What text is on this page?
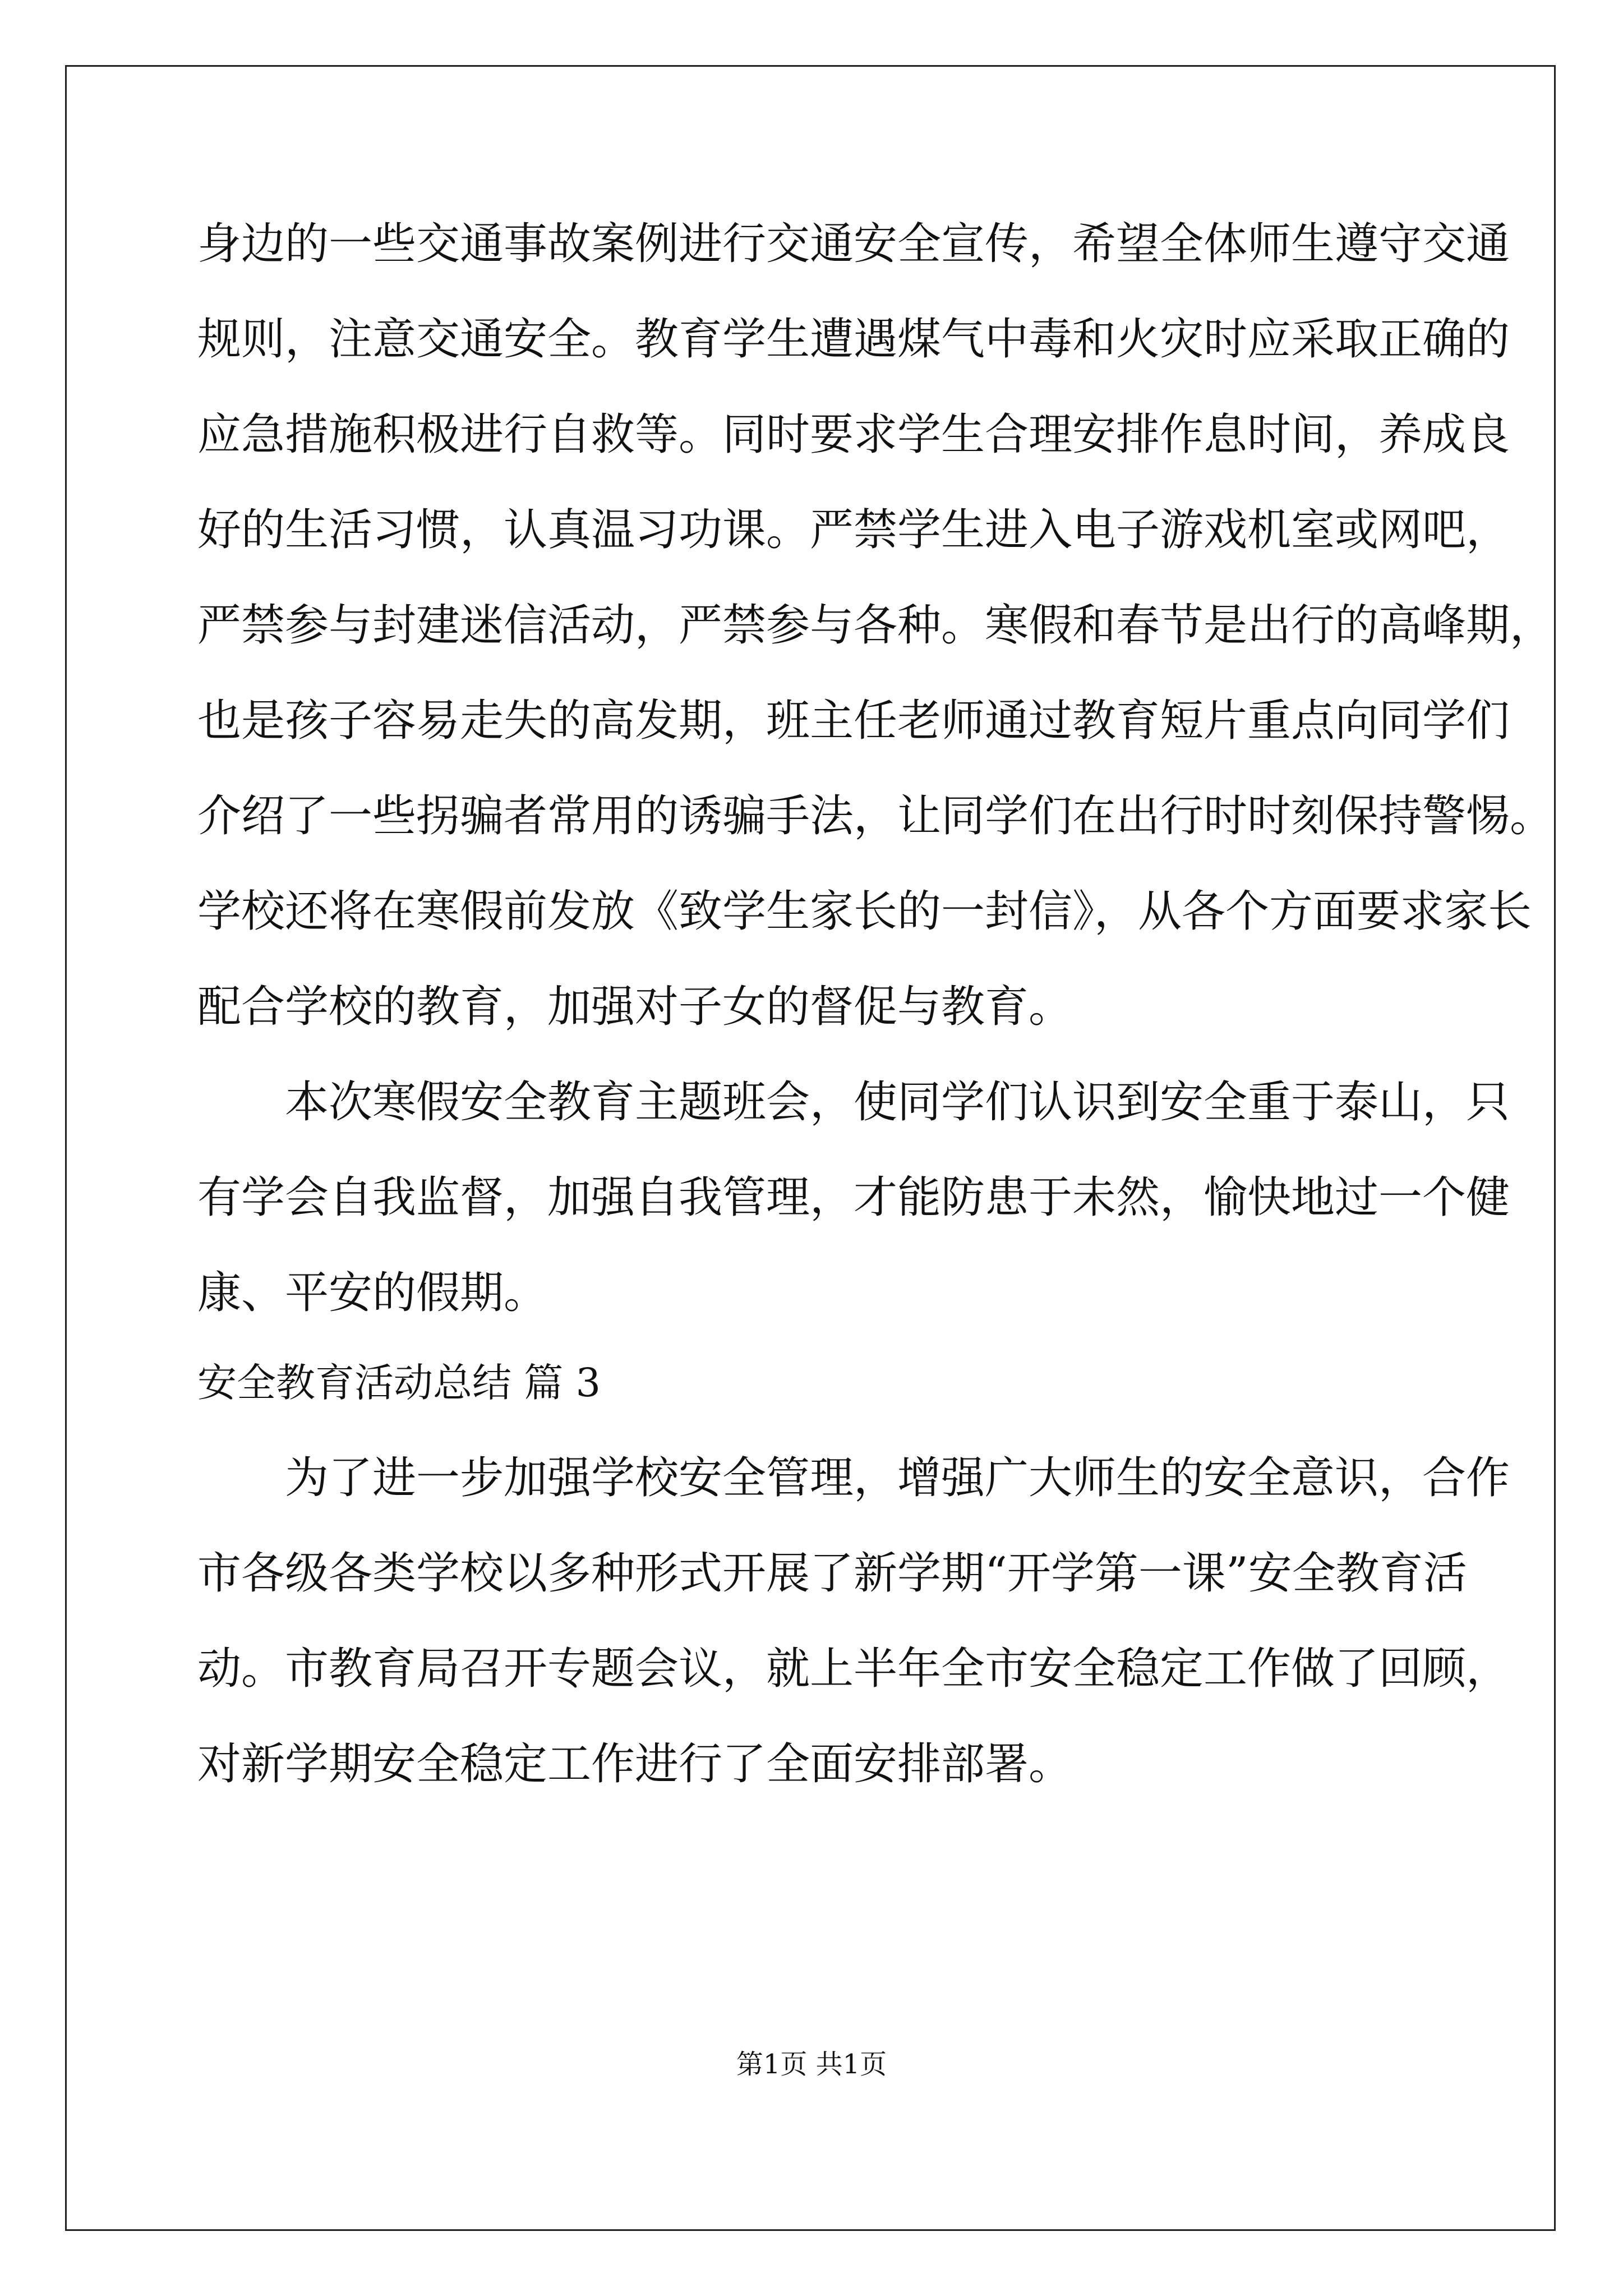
身边的一些交通事故案例进行交通安全宣传，希望全体师生遵守交通
规则，注意交通安全。教育学生遭遇煤气中毒和火灾时应采取正确的
应急措施积极进行自救等。同时要求学生合理安排作息时间，养成良
好的生活习惯，认真温习功课。严禁学生进入电子游戏机室或网吧，
严禁参与封建迷信活动，严禁参与各种。寒假和春节是出行的高峰期，
也是孩子容易走失的高发期，班主任老师通过教育短片重点向同学们
介绍了一些拐骗者常用的诱骗手法，让同学们在出行时时刻保持警惕。
学校还将在寒假前发放《致学生家长的一封信》，从各个方面要求家长
配合学校的教育，加强对子女的督促与教育。
本次寒假安全教育主题班会，使同学们认识到安全重于泰山，只
有学会自我监督，加强自我管理，才能防患于未然，愉快地过一个健
康、平安的假期。
安全教育活动总结 篇 3
为了进一步加强学校安全管理，增强广大师生的安全意识，合作
市各级各类学校以多种形式开展了新学期“开学第一课”安全教育活
动。市教育局召开专题会议，就上半年全市安全稳定工作做了回顾，
对新学期安全稳定工作进行了全面安排部署。
第1页 共1页
